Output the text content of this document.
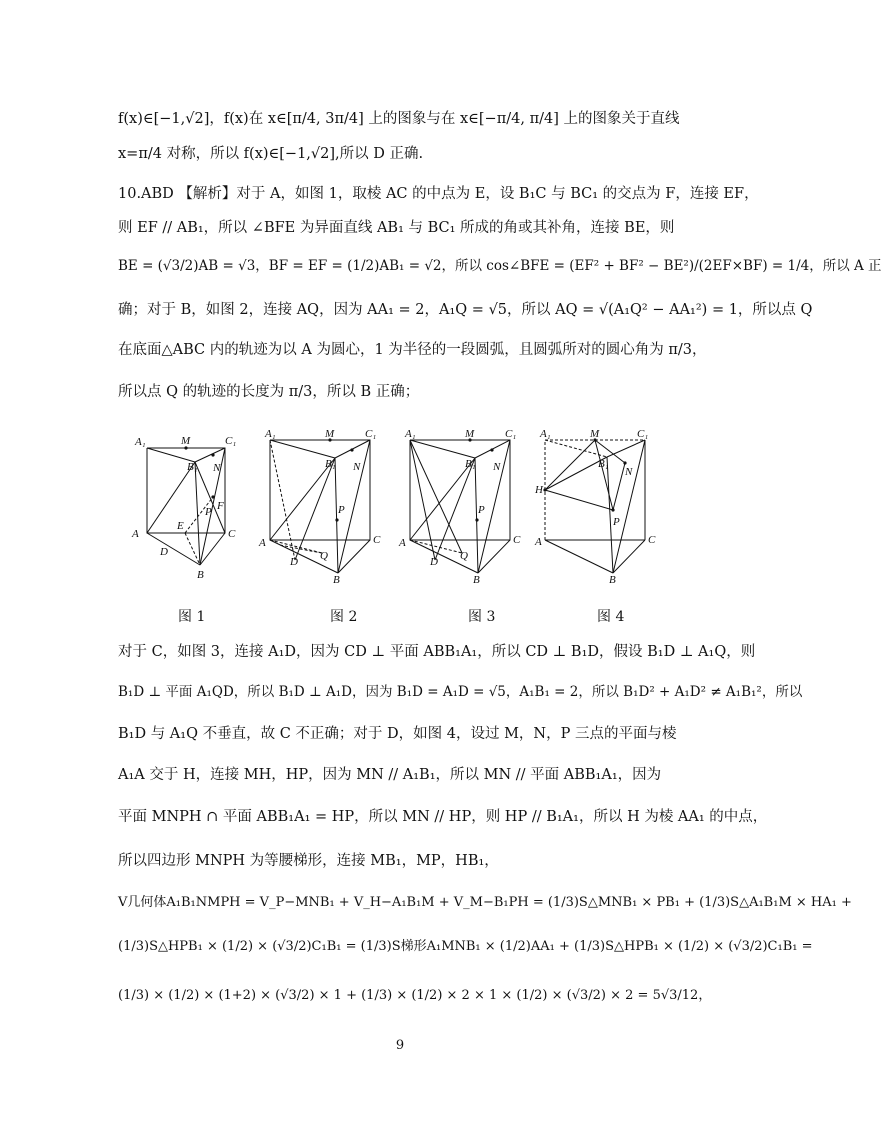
f(x)∈[−1,√2]，f(x)在 x∈[π/4, 3π/4] 上的图象与在 x∈[−π/4, π/4] 上的图象关于直线
x=π/4 对称，所以 f(x)∈[−1,√2],所以 D 正确.
10.ABD 【解析】对于 A，如图 1，取棱 AC 的中点为 E，设 B₁C 与 BC₁ 的交点为 F，连接 EF，
则 EF // AB₁，所以 ∠BFE 为异面直线 AB₁ 与 BC₁ 所成的角或其补角，连接 BE，则
BE = (√3/2)AB = √3，BF = EF = (1/2)AB₁ = √2，所以 cos∠BFE = (EF² + BF² − BE²)/(2EF×BF) = 1/4，所以 A 正
确；对于 B，如图 2，连接 AQ，因为 AA₁ = 2，A₁Q = √5，所以 AQ = √(A₁Q² − AA₁²) = 1，所以点 Q
在底面△ABC 内的轨迹为以 A 为圆心，1 为半径的一段圆弧，且圆弧所对的圆心角为 π/3，
所以点 Q 的轨迹的长度为 π/3，所以 B 正确；
A₁	M	C₁
B₁ N
P F
E
A	C
D
B
A₁	M	C₁
B₁ N
P
A	C
D Q
B
A₁	M	C₁
B₁ N
P
A	C
D Q
B
A₁	M	C₁
B₁
N
P
H
A	C
B
图 1	图 2	图 3	图 4
对于 C，如图 3，连接 A₁D，因为 CD ⊥ 平面 ABB₁A₁，所以 CD ⊥ B₁D，假设 B₁D ⊥ A₁Q，则
B₁D ⊥ 平面 A₁QD，所以 B₁D ⊥ A₁D，因为 B₁D = A₁D = √5，A₁B₁ = 2，所以 B₁D² + A₁D² ≠ A₁B₁²，所以
B₁D 与 A₁Q 不垂直，故 C 不正确；对于 D，如图 4，设过 M，N，P 三点的平面与棱
A₁A 交于 H，连接 MH，HP，因为 MN // A₁B₁，所以 MN // 平面 ABB₁A₁，因为
平面 MNPH ∩ 平面 ABB₁A₁ = HP，所以 MN // HP，则 HP // B₁A₁，所以 H 为棱 AA₁ 的中点，
所以四边形 MNPH 为等腰梯形，连接 MB₁，MP，HB₁，
V几何体A₁B₁NMPH = V_P−MNB₁ + V_H−A₁B₁M + V_M−B₁PH = (1/3)S△MNB₁ × PB₁ + (1/3)S△A₁B₁M × HA₁ +
(1/3)S△HPB₁ × (1/2) × (√3/2)C₁B₁ = (1/3)S梯形A₁MNB₁ × (1/2)AA₁ + (1/3)S△HPB₁ × (1/2) × (√3/2)C₁B₁ =
(1/3) × (1/2) × (1+2) × (√3/2) × 1 + (1/3) × (1/2) × 2 × 1 × (1/2) × (√3/2) × 2 = 5√3/12，
9
